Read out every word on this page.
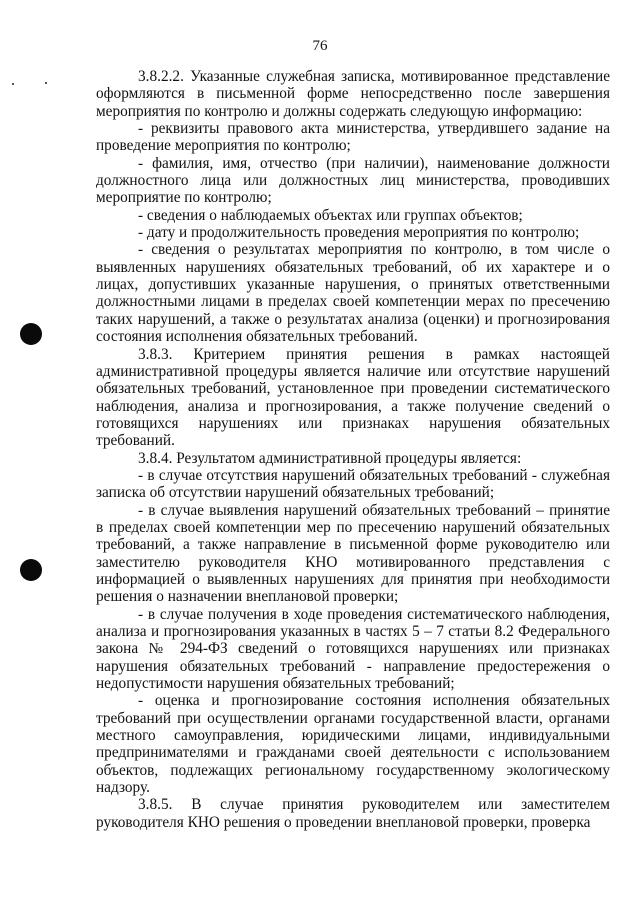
76

3.8.2.2. Указанные служебная записка, мотивированное представление оформляются в письменной форме непосредственно после завершения мероприятия по контролю и должны содержать следующую информацию:

- реквизиты правового акта министерства, утвердившего задание на проведение мероприятия по контролю;

- фамилия, имя, отчество (при наличии), наименование должности должностного лица или должностных лиц министерства, проводивших мероприятие по контролю;

- сведения о наблюдаемых объектах или группах объектов;

- дату и продолжительность проведения мероприятия по контролю;

- сведения о результатах мероприятия по контролю, в том числе о выявленных нарушениях обязательных требований, об их характере и о лицах, допустивших указанные нарушения, о принятых ответственными должностными лицами в пределах своей компетенции мерах по пресечению таких нарушений, а также о результатах анализа (оценки) и прогнозирования состояния исполнения обязательных требований.

3.8.3. Критерием принятия решения в рамках настоящей административной процедуры является наличие или отсутствие нарушений обязательных требований, установленное при проведении систематического наблюдения, анализа и прогнозирования, а также получение сведений о готовящихся нарушениях или признаках нарушения обязательных требований.

3.8.4. Результатом административной процедуры является:

- в случае отсутствия нарушений обязательных требований - служебная записка об отсутствии нарушений обязательных требований;

- в случае выявления нарушений обязательных требований – принятие в пределах своей компетенции мер по пресечению нарушений обязательных требований, а также направление в письменной форме руководителю или заместителю руководителя КНО мотивированного представления с информацией о выявленных нарушениях для принятия при необходимости решения о назначении внеплановой проверки;

- в случае получения в ходе проведения систематического наблюдения, анализа и прогнозирования указанных в частях 5 – 7 статьи 8.2 Федерального закона № 294-ФЗ сведений о готовящихся нарушениях или признаках нарушения обязательных требований - направление предостережения о недопустимости нарушения обязательных требований;

- оценка и прогнозирование состояния исполнения обязательных требований при осуществлении органами государственной власти, органами местного самоуправления, юридическими лицами, индивидуальными предпринимателями и гражданами своей деятельности с использованием объектов, подлежащих региональному государственному экологическому надзору.

3.8.5. В случае принятия руководителем или заместителем руководителя КНО решения о проведении внеплановой проверки, проверка
